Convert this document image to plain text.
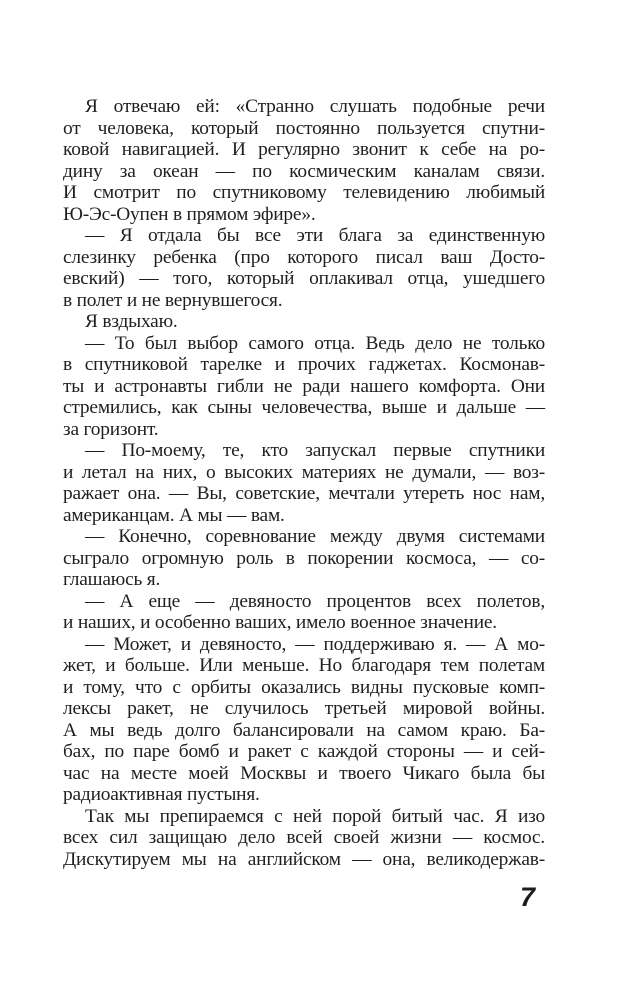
Я отвечаю ей: «Странно слушать подобные речи
от человека, который постоянно пользуется спутни-
ковой навигацией. И регулярно звонит к себе на ро-
дину за океан — по космическим каналам связи.
И смотрит по спутниковому телевидению любимый
Ю-Эс-Оупен в прямом эфире».
— Я отдала бы все эти блага за единственную
слезинку ребенка (про которого писал ваш Досто-
евский) — того, который оплакивал отца, ушедшего
в полет и не вернувшегося.
Я вздыхаю.
— То был выбор самого отца. Ведь дело не только
в спутниковой тарелке и прочих гаджетах. Космонав-
ты и астронавты гибли не ради нашего комфорта. Они
стремились, как сыны человечества, выше и дальше —
за горизонт.
— По-моему, те, кто запускал первые спутники
и летал на них, о высоких материях не думали, — воз-
ражает она. — Вы, советские, мечтали утереть нос нам,
американцам. А мы — вам.
— Конечно, соревнование между двумя системами
сыграло огромную роль в покорении космоса, — со-
глашаюсь я.
— А еще — девяносто процентов всех полетов,
и наших, и особенно ваших, имело военное значение.
— Может, и девяносто, — поддерживаю я. — А мо-
жет, и больше. Или меньше. Но благодаря тем полетам
и тому, что с орбиты оказались видны пусковые комп-
лексы ракет, не случилось третьей мировой войны.
А мы ведь долго балансировали на самом краю. Ба-
бах, по паре бомб и ракет с каждой стороны — и сей-
час на месте моей Москвы и твоего Чикаго была бы
радиоактивная пустыня.
Так мы препираемся с ней порой битый час. Я изо
всех сил защищаю дело всей своей жизни — космос.
Дискутируем мы на английском — она, великодержав-
7
